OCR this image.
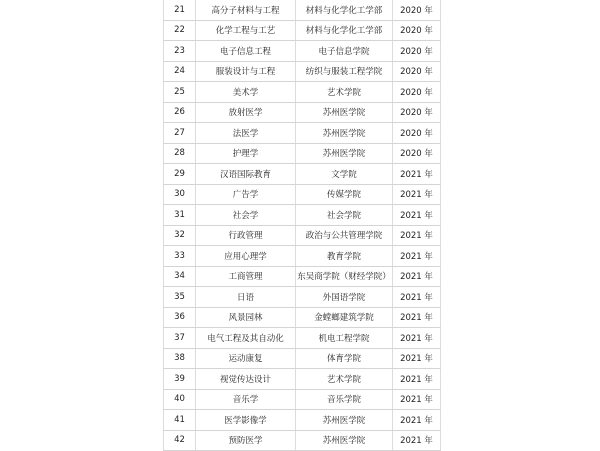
21	高分子材料与工程	材料与化学化工学部	2020 年
22	化学工程与工艺	材料与化学化工学部	2020 年
23	电子信息工程	电子信息学院	2020 年
24	服装设计与工程	纺织与服装工程学院	2020 年
25	美术学	艺术学院	2020 年
26	放射医学	苏州医学院	2020 年
27	法医学	苏州医学院	2020 年
28	护理学	苏州医学院	2020 年
29	汉语国际教育	文学院	2021 年
30	广告学	传媒学院	2021 年
31	社会学	社会学院	2021 年
32	行政管理	政治与公共管理学院	2021 年
33	应用心理学	教育学院	2021 年
34	工商管理	东吴商学院（财经学院）	2021 年
35	日语	外国语学院	2021 年
36	风景园林	金螳螂建筑学院	2021 年
37	电气工程及其自动化	机电工程学院	2021 年
38	运动康复	体育学院	2021 年
39	视觉传达设计	艺术学院	2021 年
40	音乐学	音乐学院	2021 年
41	医学影像学	苏州医学院	2021 年
42	预防医学	苏州医学院	2021 年
